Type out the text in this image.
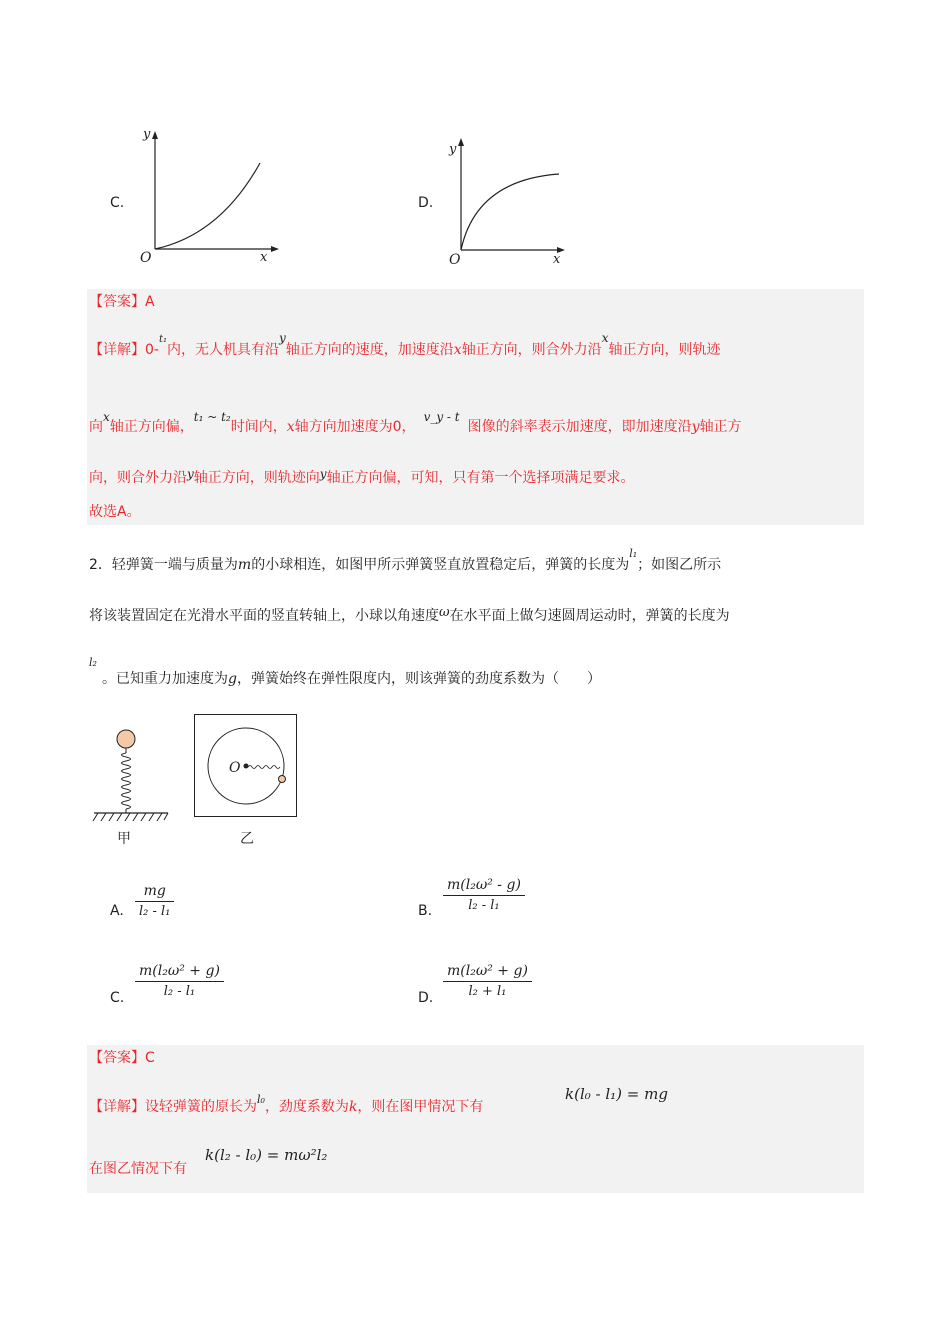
C.
y
x
O
D.
y
x
O
【答案】A
【详解】0-$^{t_1}$内，无人机具有沿y轴正方向的速度，加速度沿x轴正方向，则合外力沿x轴正方向，则轨迹
向x轴正方向偏，t₁ ~ t₂时间内，x轴方向加速度为0，v_y - t图像的斜率表示加速度，即加速度沿y轴正方
向，则合外力沿y轴正方向，则轨迹向y轴正方向偏，可知，只有第一个选择项满足要求。
故选A。
2．轻弹簧一端与质量为m的小球相连，如图甲所示弹簧竖直放置稳定后，弹簧的长度为$^{l_1}$；如图乙所示
将该装置固定在光滑水平面的竖直转轴上，小球以角速度ω在水平面上做匀速圆周运动时，弹簧的长度为
l₂
。已知重力加速度为g，弹簧始终在弹性限度内，则该弹簧的劲度系数为（　　）
甲
O
乙
A.
mg
l₂ - l₁	B.
m(l₂ω² - g)
l₂ - l₁
C.
m(l₂ω² + g)
l₂ - l₁	D.
m(l₂ω² + g)
l₂ + l₁
【答案】C
【详解】设轻弹簧的原长为$^{l_0}$，劲度系数为k，则在图甲情况下有
k(l₀ - l₁) = mg
在图乙情况下有
k(l₂ - l₀) = mω²l₂
